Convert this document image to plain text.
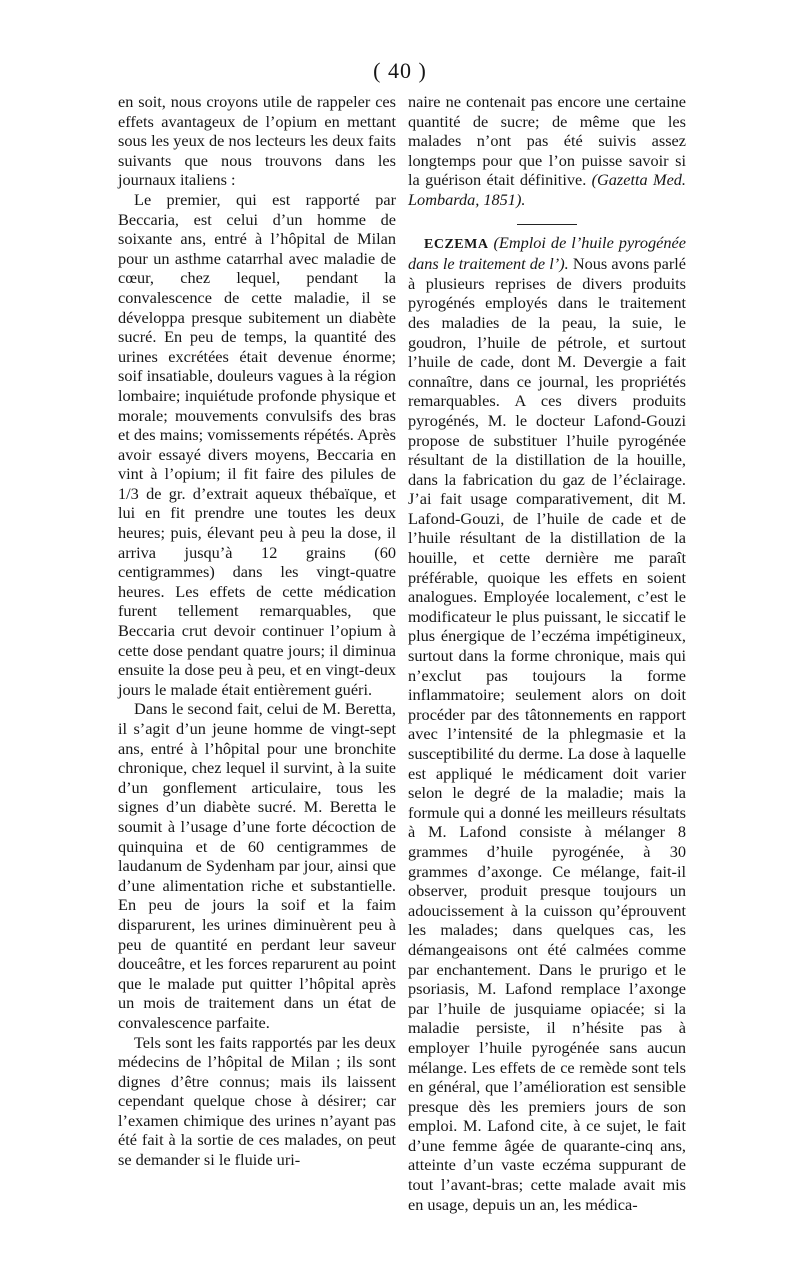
( 40 )

en soit, nous croyons utile de rappeler ces effets avantageux de l’opium en mettant sous les yeux de nos lecteurs les deux faits suivants que nous trouvons dans les journaux italiens :

Le premier, qui est rapporté par Beccaria, est celui d’un homme de soixante ans, entré à l’hôpital de Milan pour un asthme catarrhal avec maladie de cœur, chez lequel, pendant la convalescence de cette maladie, il se développa presque subitement un diabète sucré. En peu de temps, la quantité des urines excrétées était devenue énorme; soif insatiable, douleurs vagues à la région lombaire; inquiétude profonde physique et morale; mouvements convulsifs des bras et des mains; vomissements répétés. Après avoir essayé divers moyens, Beccaria en vint à l’opium; il fit faire des pilules de 1/3 de gr. d’extrait aqueux thébaïque, et lui en fit prendre une toutes les deux heures; puis, élevant peu à peu la dose, il arriva jusqu’à 12 grains (60 centigrammes) dans les vingt-quatre heures. Les effets de cette médication furent tellement remarquables, que Beccaria crut devoir continuer l’opium à cette dose pendant quatre jours; il diminua ensuite la dose peu à peu, et en vingt-deux jours le malade était entièrement guéri.

Dans le second fait, celui de M. Beretta, il s’agit d’un jeune homme de vingt-sept ans, entré à l’hôpital pour une bronchite chronique, chez lequel il survint, à la suite d’un gonflement articulaire, tous les signes d’un diabète sucré. M. Beretta le soumit à l’usage d’une forte décoction de quinquina et de 60 centigrammes de laudanum de Sydenham par jour, ainsi que d’une alimentation riche et substantielle. En peu de jours la soif et la faim disparurent, les urines diminuèrent peu à peu de quantité en perdant leur saveur douceâtre, et les forces reparurent au point que le malade put quitter l’hôpital après un mois de traitement dans un état de convalescence parfaite.

Tels sont les faits rapportés par les deux médecins de l’hôpital de Milan ; ils sont dignes d’être connus; mais ils laissent cependant quelque chose à désirer; car l’examen chimique des urines n’ayant pas été fait à la sortie de ces malades, on peut se demander si le fluide uri-

naire ne contenait pas encore une certaine quantité de sucre; de même que les malades n’ont pas été suivis assez longtemps pour que l’on puisse savoir si la guérison était définitive. (Gazetta Med. Lombarda, 1851).

ECZEMA (Emploi de l’huile pyrogénée dans le traitement de l’). Nous avons parlé à plusieurs reprises de divers produits pyrogénés employés dans le traitement des maladies de la peau, la suie, le goudron, l’huile de pétrole, et surtout l’huile de cade, dont M. Devergie a fait connaître, dans ce journal, les propriétés remarquables. A ces divers produits pyrogénés, M. le docteur Lafond-Gouzi propose de substituer l’huile pyrogénée résultant de la distillation de la houille, dans la fabrication du gaz de l’éclairage. J’ai fait usage comparativement, dit M. Lafond-Gouzi, de l’huile de cade et de l’huile résultant de la distillation de la houille, et cette dernière me paraît préférable, quoique les effets en soient analogues. Employée localement, c’est le modificateur le plus puissant, le siccatif le plus énergique de l’eczéma impétigineux, surtout dans la forme chronique, mais qui n’exclut pas toujours la forme inflammatoire; seulement alors on doit procéder par des tâtonnements en rapport avec l’intensité de la phlegmasie et la susceptibilité du derme. La dose à laquelle est appliqué le médicament doit varier selon le degré de la maladie; mais la formule qui a donné les meilleurs résultats à M. Lafond consiste à mélanger 8 grammes d’huile pyrogénée, à 30 grammes d’axonge. Ce mélange, fait-il observer, produit presque toujours un adoucissement à la cuisson qu’éprouvent les malades; dans quelques cas, les démangeaisons ont été calmées comme par enchantement. Dans le prurigo et le psoriasis, M. Lafond remplace l’axonge par l’huile de jusquiame opiacée; si la maladie persiste, il n’hésite pas à employer l’huile pyrogénée sans aucun mélange. Les effets de ce remède sont tels en général, que l’amélioration est sensible presque dès les premiers jours de son emploi. M. Lafond cite, à ce sujet, le fait d’une femme âgée de quarante-cinq ans, atteinte d’un vaste eczéma suppurant de tout l’avant-bras; cette malade avait mis en usage, depuis un an, les médica-
